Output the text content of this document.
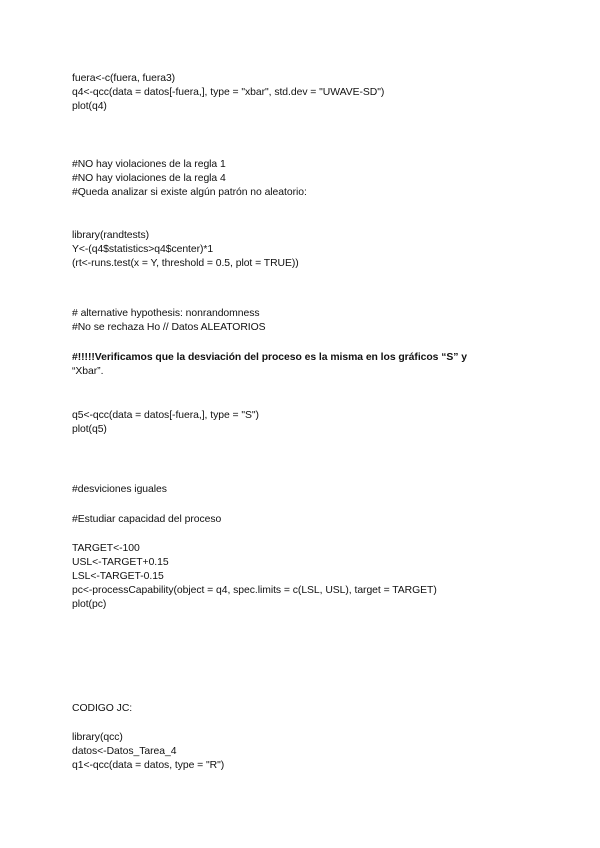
fuera<-c(fuera, fuera3)
q4<-qcc(data = datos[-fuera,], type = "xbar", std.dev = "UWAVE-SD")
plot(q4)
#NO hay violaciones de la regla 1
#NO hay violaciones de la regla 4
#Queda analizar si existe algún patrón no aleatorio:
library(randtests)
Y<-(q4$statistics>q4$center)*1
(rt<-runs.test(x = Y, threshold = 0.5, plot = TRUE))
# alternative hypothesis: nonrandomness
#No se rechaza Ho // Datos ALEATORIOS
#!!!!!Verificamos que la desviación del proceso es la misma en los gráficos “S” y
“Xbar”.
q5<-qcc(data = datos[-fuera,], type = "S")
plot(q5)
#desviciones iguales
#Estudiar capacidad del proceso
TARGET<-100
USL<-TARGET+0.15
LSL<-TARGET-0.15
pc<-processCapability(object = q4, spec.limits = c(LSL, USL), target = TARGET)
plot(pc)
CODIGO JC:
library(qcc)
datos<-Datos_Tarea_4
q1<-qcc(data = datos, type = "R")
